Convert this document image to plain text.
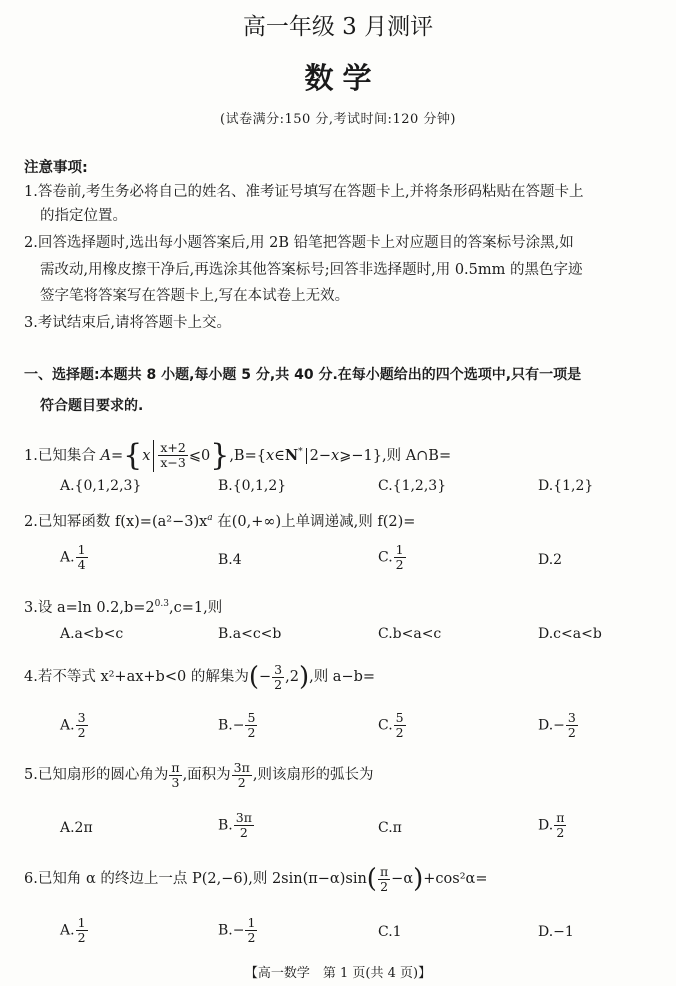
高一年级 3 月测评
数 学
(试卷满分:150 分,考试时间:120 分钟)
注意事项:
1.答卷前,考生务必将自己的姓名、准考证号填写在答题卡上,并将条形码粘贴在答题卡上
的指定位置。
2.回答选择题时,选出每小题答案后,用 2B 铅笔把答题卡上对应题目的答案标号涂黑,如
需改动,用橡皮擦干净后,再选涂其他答案标号;回答非选择题时,用 0.5mm 的黑色字迹
签字笔将答案写在答题卡上,写在本试卷上无效。
3.考试结束后,请将答题卡上交。
一、选择题:本题共 8 小题,每小题 5 分,共 40 分.在每小题给出的四个选项中,只有一项是
符合题目要求的.
1.已知集合 $A=\{x \frac{x+2}{x-3}$ ⩽0},B={x∈N* 2−x⩾−1},则 A∩B=
A.{0,1,2,3}	B.{0,1,2}	C.{1,2,3}	D.{1,2}
2.已知幂函数 $f(x)=(a^2-3)x^a$ 在(0,+∞)上单调递减,则 f(2)=
A. $\frac{1}{4}$	B.4	C. $\frac{1}{2}$	D.2
3.设 a=ln $0.2,b=2^{0.3},c=1$,则
A.a<b<c	B.a<c<b	C.b<a<c	D.c<a<b
4.若不等式 x²+ax+b<0 的解集为(− $\frac{3}{2} ,2$),则 a−b=
A. $\frac{3}{2}$	$B.- \frac{5}{2}$	C. $\frac{5}{2}$	$D.- \frac{3}{2}$
5.已知扇形的圆心角为 $\frac{\pi}{3}$ ,面积为 $\frac{3\pi}{2}$ ,则该扇形的弧长为
A.2π	B. $\frac{3\pi}{2}$	C.π	D. $\frac{\pi}{2}$
6.已知角 α 的终边上一点 P(2,−6),则 $2\sin(\pi-\alpha)\sin( \frac{\pi}{2} -\alpha)+\cos^2\alpha=$
A. $\frac{1}{2}$	$B.- \frac{1}{2}$	C.1	D.−1
【高一数学　第 1 页(共 4 页)】
